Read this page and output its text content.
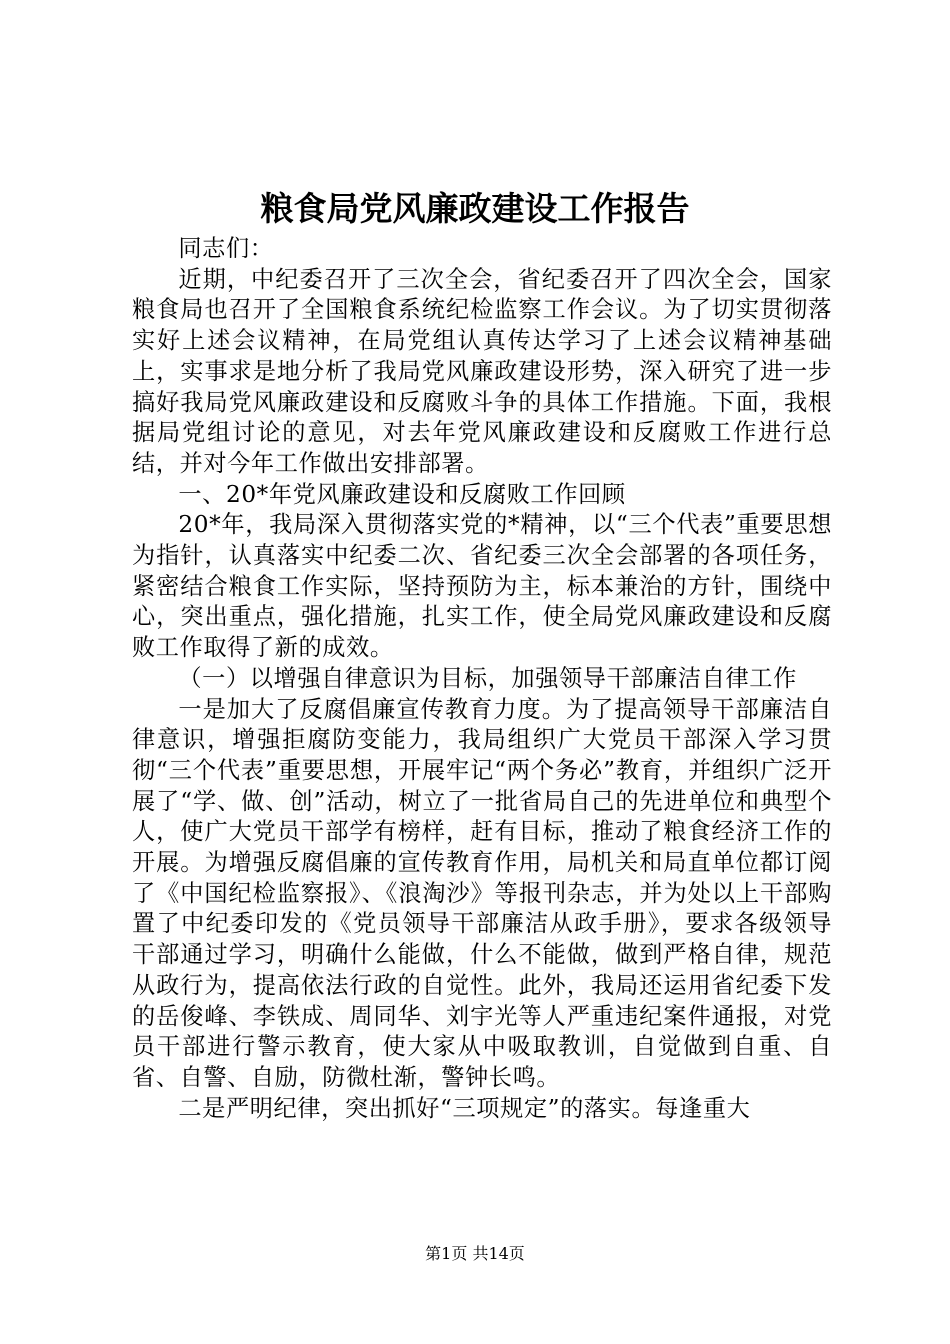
粮食局党风廉政建设工作报告

同志们：

近期，中纪委召开了三次全会，省纪委召开了四次全会，国家粮食局也召开了全国粮食系统纪检监察工作会议。为了切实贯彻落实好上述会议精神，在局党组认真传达学习了上述会议精神基础上，实事求是地分析了我局党风廉政建设形势，深入研究了进一步搞好我局党风廉政建设和反腐败斗争的具体工作措施。下面，我根据局党组讨论的意见，对去年党风廉政建设和反腐败工作进行总结，并对今年工作做出安排部署。

一、20*年党风廉政建设和反腐败工作回顾

20*年，我局深入贯彻落实党的*精神，以“三个代表”重要思想为指针，认真落实中纪委二次、省纪委三次全会部署的各项任务，紧密结合粮食工作实际，坚持预防为主，标本兼治的方针，围绕中心，突出重点，强化措施，扎实工作，使全局党风廉政建设和反腐败工作取得了新的成效。

（一）以增强自律意识为目标，加强领导干部廉洁自律工作

一是加大了反腐倡廉宣传教育力度。为了提高领导干部廉洁自律意识，增强拒腐防变能力，我局组织广大党员干部深入学习贯彻“三个代表”重要思想，开展牢记“两个务必”教育，并组织广泛开展了“学、做、创”活动，树立了一批省局自己的先进单位和典型个人，使广大党员干部学有榜样，赶有目标，推动了粮食经济工作的开展。为增强反腐倡廉的宣传教育作用，局机关和局直单位都订阅了《中国纪检监察报》、《浪淘沙》等报刊杂志，并为处以上干部购置了中纪委印发的《党员领导干部廉洁从政手册》，要求各级领导干部通过学习，明确什么能做，什么不能做，做到严格自律，规范从政行为，提高依法行政的自觉性。此外，我局还运用省纪委下发的岳俊峰、李铁成、周同华、刘宇光等人严重违纪案件通报，对党员干部进行警示教育，使大家从中吸取教训，自觉做到自重、自省、自警、自励，防微杜渐，警钟长鸣。

二是严明纪律，突出抓好“三项规定”的落实。每逢重大

第1页 共14页
